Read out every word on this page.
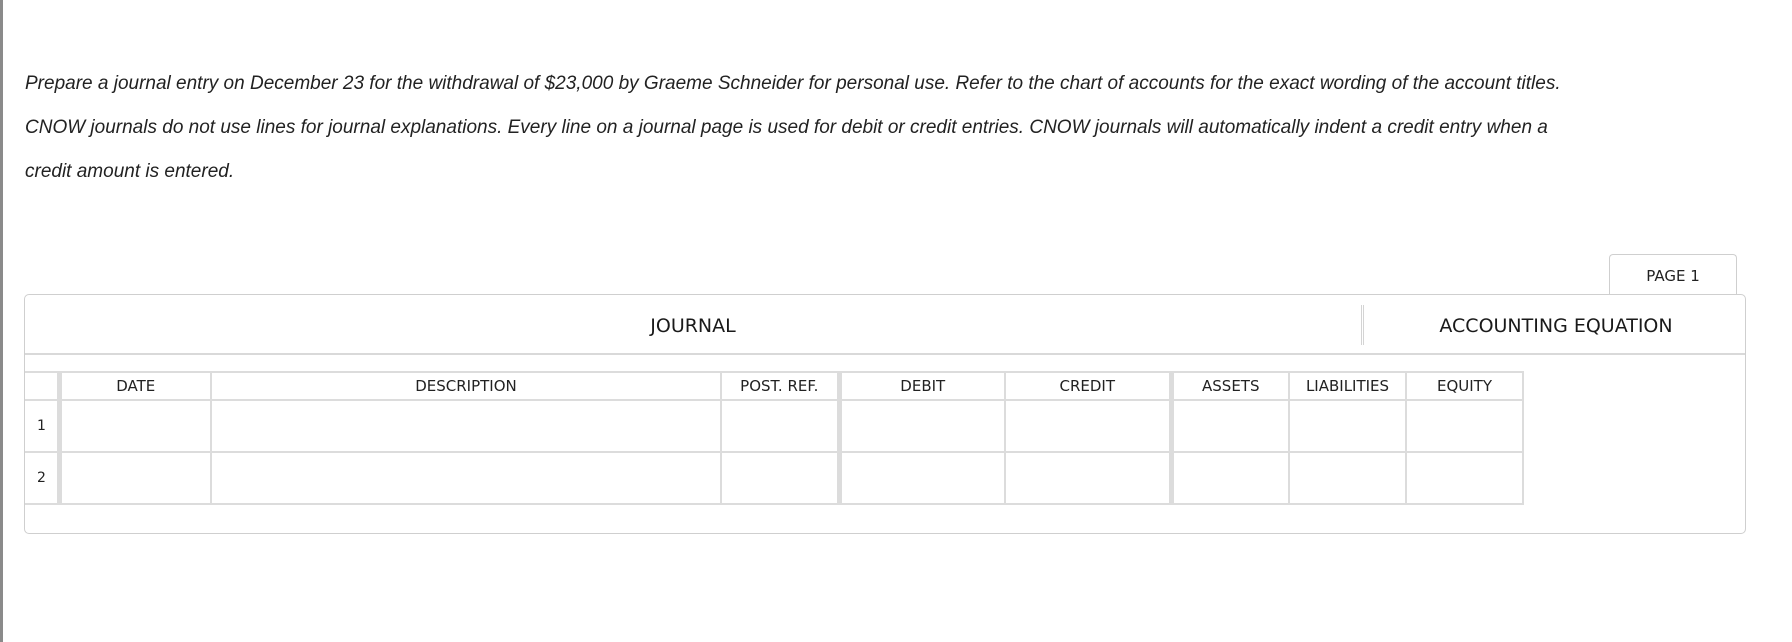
Prepare a journal entry on December 23 for the withdrawal of $23,000 by Graeme Schneider for personal use. Refer to the chart of accounts for the exact wording of the account titles.
CNOW journals do not use lines for journal explanations. Every line on a journal page is used for debit or credit entries. CNOW journals will automatically indent a credit entry when a
credit amount is entered.
PAGE 1
JOURNAL	ACCOUNTING EQUATION
	DATE	DESCRIPTION	POST. REF.	DEBIT	CREDIT	ASSETS	LIABILITIES	EQUITY	
1									
2									
